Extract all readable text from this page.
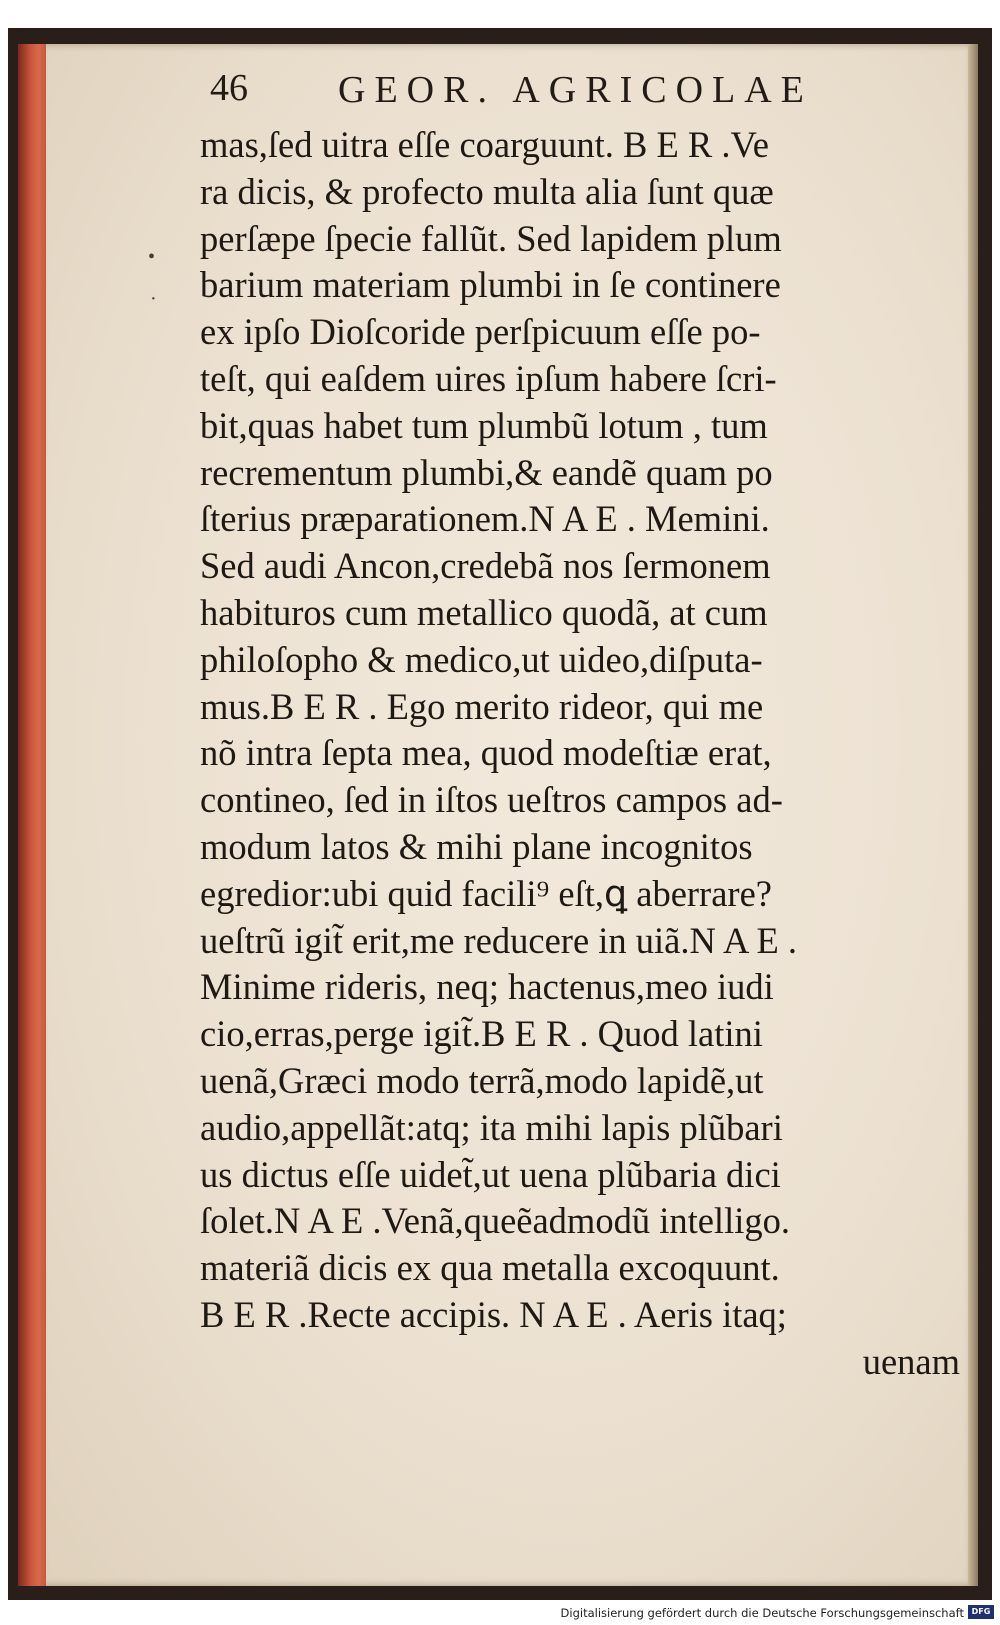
46 GEOR. AGRICOLAE
•
·
mas,ſed uitra eſſe coarguunt. B E R .Ve
ra dicis, & profecto multa alia ſunt quæ
perſæpe ſpecie fallũt. Sed lapidem plum
barium materiam plumbi in ſe continere
ex ipſo Dioſcoride perſpicuum eſſe po-
teſt, qui eaſdem uires ipſum habere ſcri-
bit,quas habet tum plumbũ lotum , tum
recrementum plumbi,& eandẽ quam po
ſterius præparationem.N A E . Memini.
Sed audi Ancon,credebã nos ſermonem
habituros cum metallico quodã, at cum
philoſopho & medico,ut uideo,diſputa-
mus.B E R . Ego merito rideor, qui me
nõ intra ſepta mea, quod modeſtiæ erat,
contineo, ſed in iſtos ueſtros campos ad-
modum latos & mihi plane incognitos
egredior:ubi quid facili⁹ eſt,ꝗ aberrare?
ueſtrũ igit̃ erit,me reducere in uiã.N A E .
Minime rideris, neq; hactenus,meo iudi
cio,erras,perge igit̃.B E R . Quod latini
uenã,Græci modo terrã,modo lapidẽ,ut
audio,appellãt:atq; ita mihi lapis plũbari
us dictus eſſe uidet̃,ut uena plũbaria dici
ſolet.N A E .Venã,queẽadmodũ intelligo.
materiã dicis ex qua metalla excoquunt.
B E R .Recte accipis. N A E . Aeris itaq;
uenam
Digitalisierung gefördert durch die Deutsche Forschungsgemeinschaft DFG
